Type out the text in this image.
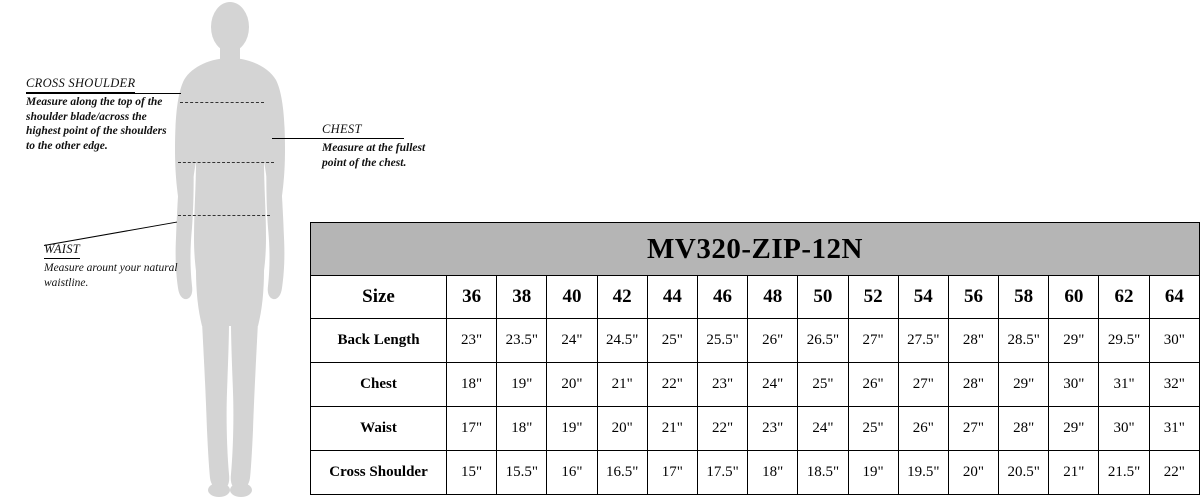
CROSS SHOULDER
Measure along the top of the shoulder blade/across the highest point of the shoulders to the other edge.
CHEST
Measure at the fullest point of the chest.
WAIST
Measure arount your natural waistline.
MV320-ZIP-12N															
Size	36	38	40	42	44	46	48	50	52	54	56	58	60	62	64
Back Length	23"	23.5"	24"	24.5"	25"	25.5"	26"	26.5"	27"	27.5"	28"	28.5"	29"	29.5"	30"
Chest	18"	19"	20"	21"	22"	23"	24"	25"	26"	27"	28"	29"	30"	31"	32"
Waist	17"	18"	19"	20"	21"	22"	23"	24"	25"	26"	27"	28"	29"	30"	31"
Cross Shoulder	15"	15.5"	16"	16.5"	17"	17.5"	18"	18.5"	19"	19.5"	20"	20.5"	21"	21.5"	22"
